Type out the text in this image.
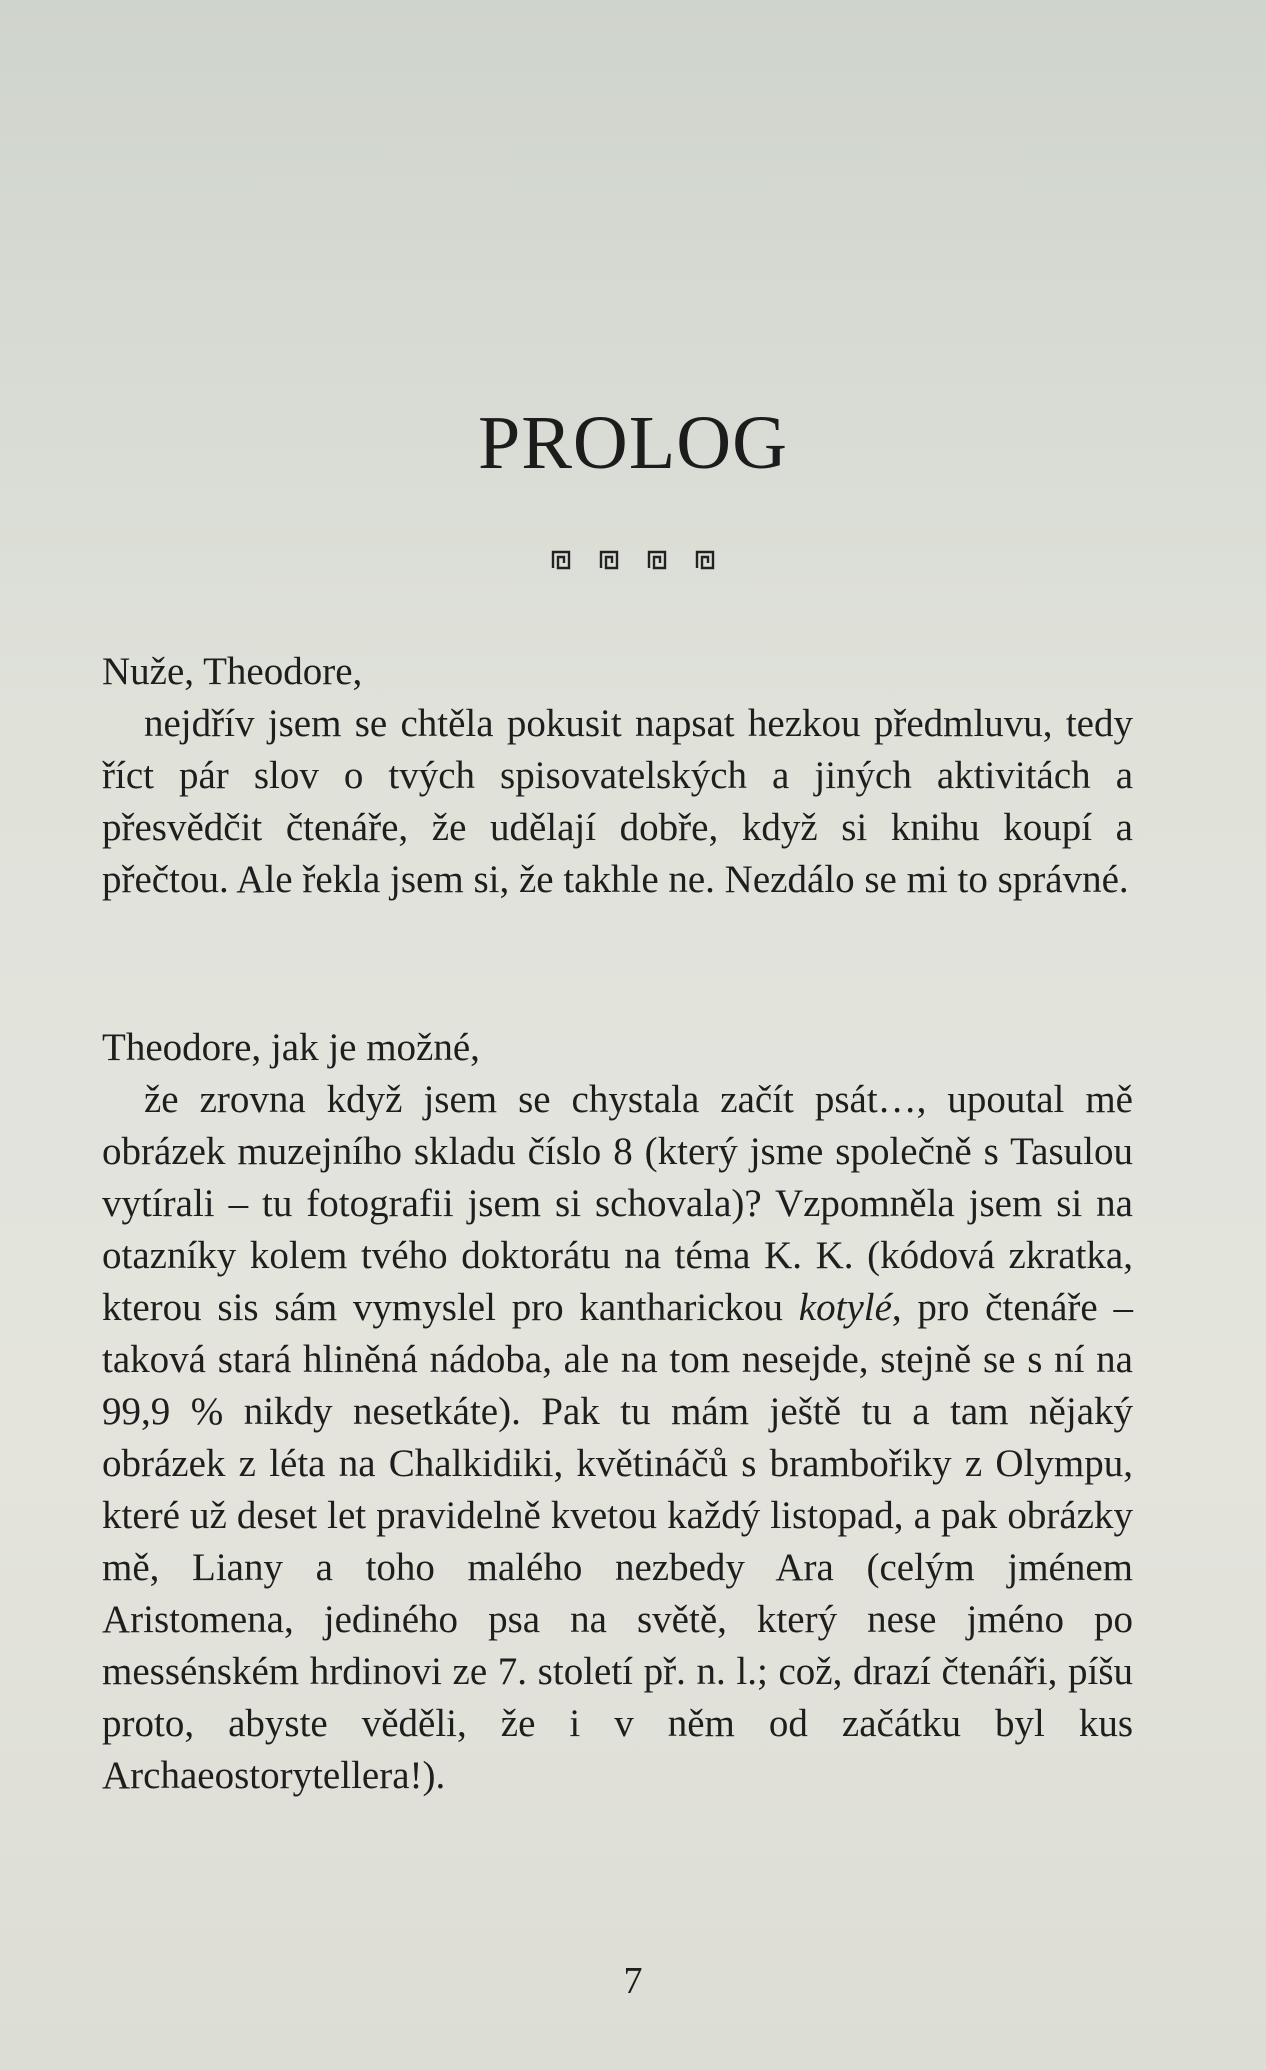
PROLOG

Nuže, Theodore,

nejdřív jsem se chtěla pokusit napsat hezkou předmluvu, tedy říct pár slov o tvých spisovatelských a jiných aktivitách a přesvědčit čtenáře, že udělají dobře, když si knihu koupí a přečtou. Ale řekla jsem si, že takhle ne. Nezdálo se mi to správné.

Theodore, jak je možné,

že zrovna když jsem se chystala začít psát…, upoutal mě obrázek muzejního skladu číslo 8 (který jsme společně s Tasulou vytírali – tu fotografii jsem si schovala)? Vzpomněla jsem si na otazníky kolem tvého doktorátu na téma K. K. (kódová zkratka, kterou sis sám vymyslel pro kantharickou kotylé, pro čtenáře – taková stará hliněná nádoba, ale na tom nesejde, stejně se s ní na 99,9 % nikdy nesetkáte). Pak tu mám ještě tu a tam nějaký obrázek z léta na Chalkidiki, květináčů s brambořiky z Olympu, které už deset let pravidelně kvetou každý listopad, a pak obrázky mě, Liany a toho malého nezbedy Ara (celým jménem Aristomena, jediného psa na světě, který nese jméno po messénském hrdinovi ze 7. století př. n. l.; což, drazí čtenáři, píšu proto, abyste věděli, že i v něm od začátku byl kus Archaeostorytellera!).

7
